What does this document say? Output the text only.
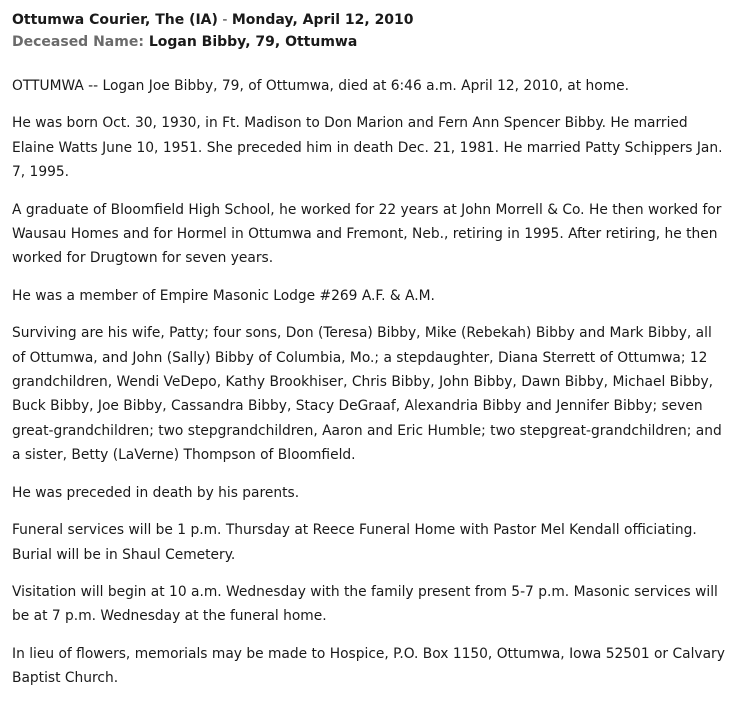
Ottumwa Courier, The (IA) - Monday, April 12, 2010

Deceased Name: Logan Bibby, 79, Ottumwa

OTTUMWA -- Logan Joe Bibby, 79, of Ottumwa, died at 6:46 a.m. April 12, 2010, at home.

He was born Oct. 30, 1930, in Ft. Madison to Don Marion and Fern Ann Spencer Bibby. He married Elaine Watts June 10, 1951. She preceded him in death Dec. 21, 1981. He married Patty Schippers Jan. 7, 1995.

A graduate of Bloomfield High School, he worked for 22 years at John Morrell & Co. He then worked for Wausau Homes and for Hormel in Ottumwa and Fremont, Neb., retiring in 1995. After retiring, he then worked for Drugtown for seven years.

He was a member of Empire Masonic Lodge #269 A.F. & A.M.

Surviving are his wife, Patty; four sons, Don (Teresa) Bibby, Mike (Rebekah) Bibby and Mark Bibby, all of Ottumwa, and John (Sally) Bibby of Columbia, Mo.; a stepdaughter, Diana Sterrett of Ottumwa; 12 grandchildren, Wendi VeDepo, Kathy Brookhiser, Chris Bibby, John Bibby, Dawn Bibby, Michael Bibby, Buck Bibby, Joe Bibby, Cassandra Bibby, Stacy DeGraaf, Alexandria Bibby and Jennifer Bibby; seven great-grandchildren; two stepgrandchildren, Aaron and Eric Humble; two stepgreat-grandchildren; and a sister, Betty (LaVerne) Thompson of Bloomfield.

He was preceded in death by his parents.

Funeral services will be 1 p.m. Thursday at Reece Funeral Home with Pastor Mel Kendall officiating. Burial will be in Shaul Cemetery.

Visitation will begin at 10 a.m. Wednesday with the family present from 5-7 p.m. Masonic services will be at 7 p.m. Wednesday at the funeral home.

In lieu of flowers, memorials may be made to Hospice, P.O. Box 1150, Ottumwa, Iowa 52501 or Calvary Baptist Church.
